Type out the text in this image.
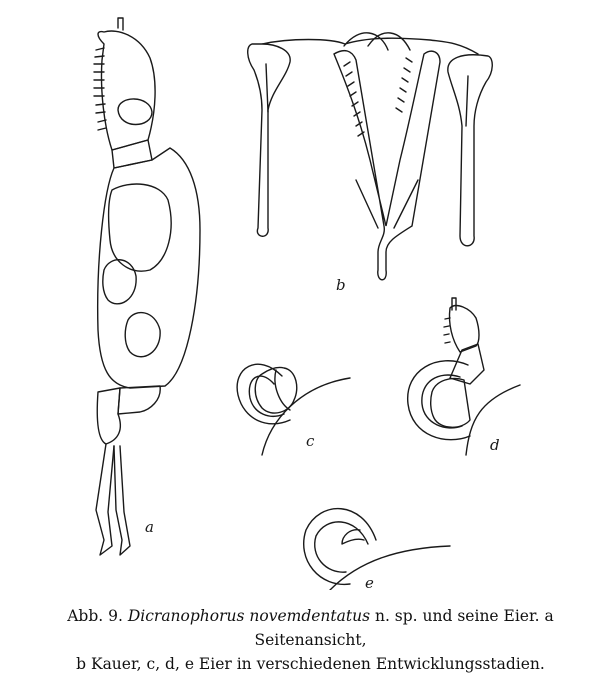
a
b
c	d
e
Abb. 9. Dicranophorus novemdentatus n. sp. und seine Eier. a Seitenansicht,
b Kauer, c, d, e Eier in verschiedenen Entwicklungsstadien.
